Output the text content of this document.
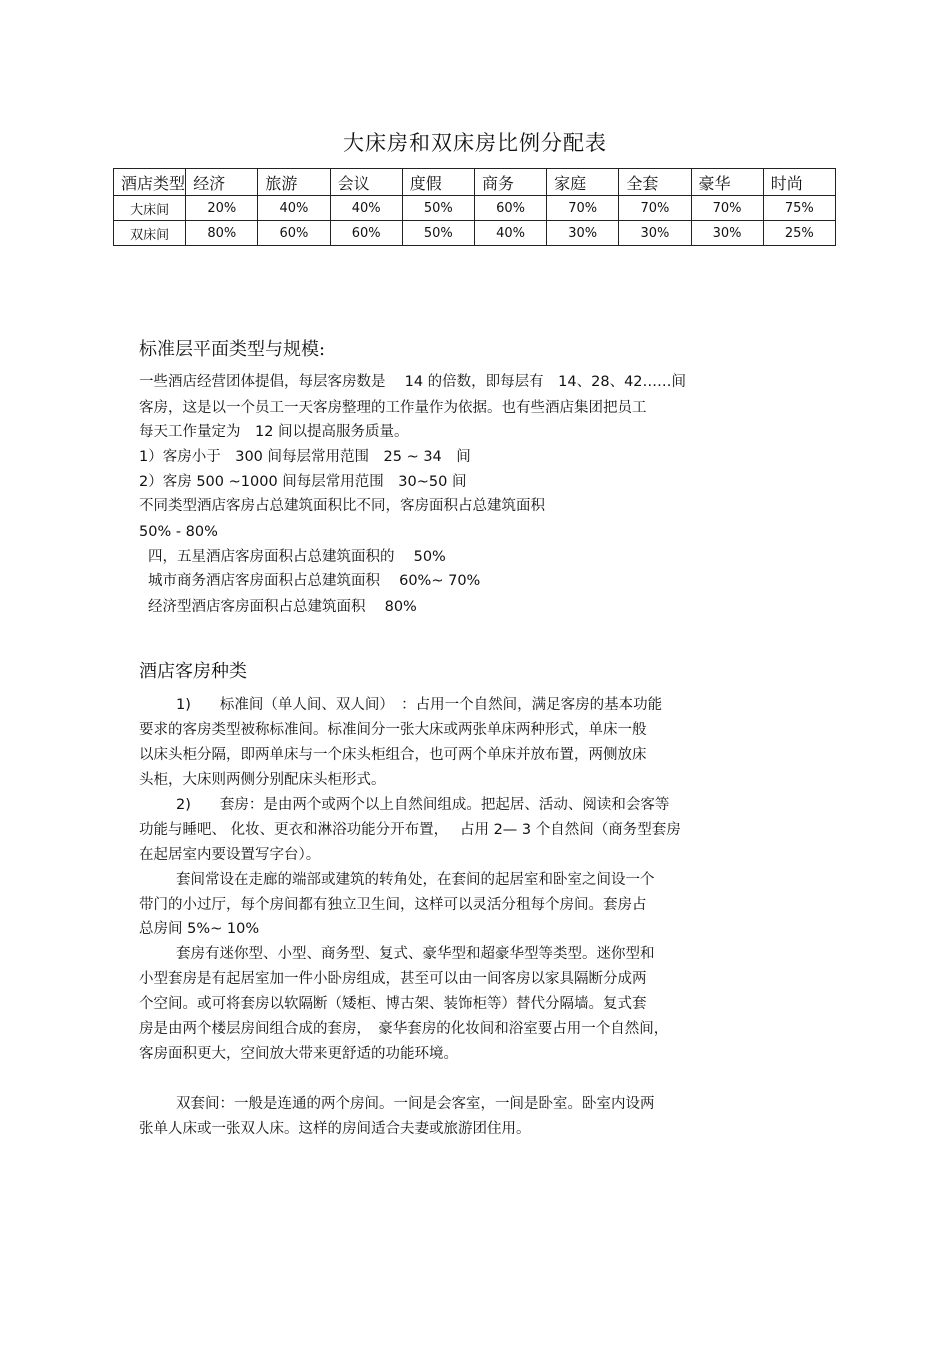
大床房和双床房比例分配表
酒店类型	经济	旅游	会议	度假	商务	家庭	全套	豪华	时尚
大床间	20%	40%	40%	50%	60%	70%	70%	70%	75%
双床间	80%	60%	60%	50%	40%	30%	30%	30%	25%
标准层平面类型与规模:
一些酒店经营团体提倡，每层客房数是　 14 的倍数，即每层有　14、28、42……间
客房，这是以一个员工一天客房整理的工作量作为依据。也有些酒店集团把员工
每天工作量定为　12 间以提高服务质量。
1）客房小于　300 间每层常用范围　25 ~ 34　间
2）客房 500 ~1000 间每层常用范围　30~50 间
不同类型酒店客房占总建筑面积比不同，客房面积占总建筑面积
50% - 80%
四，五星酒店客房面积占总建筑面积的　 50%
城市商务酒店客房面积占总建筑面积　 60%~ 70%
经济型酒店客房面积占总建筑面积　 80%
酒店客房种类
1)　　标准间（单人间、双人间）　：占用一个自然间，满足客房的基本功能
要求的客房类型被称标准间。标准间分一张大床或两张单床两种形式，单床一般
以床头柜分隔，即两单床与一个床头柜组合，也可两个单床并放布置，两侧放床
头柜，大床则两侧分别配床头柜形式。
2)　　套房：是由两个或两个以上自然间组成。把起居、活动、阅读和会客等
功能与睡吧、 化妆、更衣和淋浴功能分开布置，　 占用 2— 3 个自然间（商务型套房
在起居室内要设置写字台）。
套间常设在走廊的端部或建筑的转角处，在套间的起居室和卧室之间设一个
带门的小过厅，每个房间都有独立卫生间，这样可以灵活分租每个房间。套房占
总房间 5%~ 10%
套房有迷你型、小型、商务型、复式、豪华型和超豪华型等类型。迷你型和
小型套房是有起居室加一件小卧房组成，甚至可以由一间客房以家具隔断分成两
个空间。或可将套房以软隔断（矮柜、博古架、装饰柜等）替代分隔墙。复式套
房是由两个楼层房间组合成的套房，　豪华套房的化妆间和浴室要占用一个自然间，
客房面积更大，空间放大带来更舒适的功能环境。
双套间：一般是连通的两个房间。一间是会客室，一间是卧室。卧室内设两
张单人床或一张双人床。这样的房间适合夫妻或旅游团住用。
